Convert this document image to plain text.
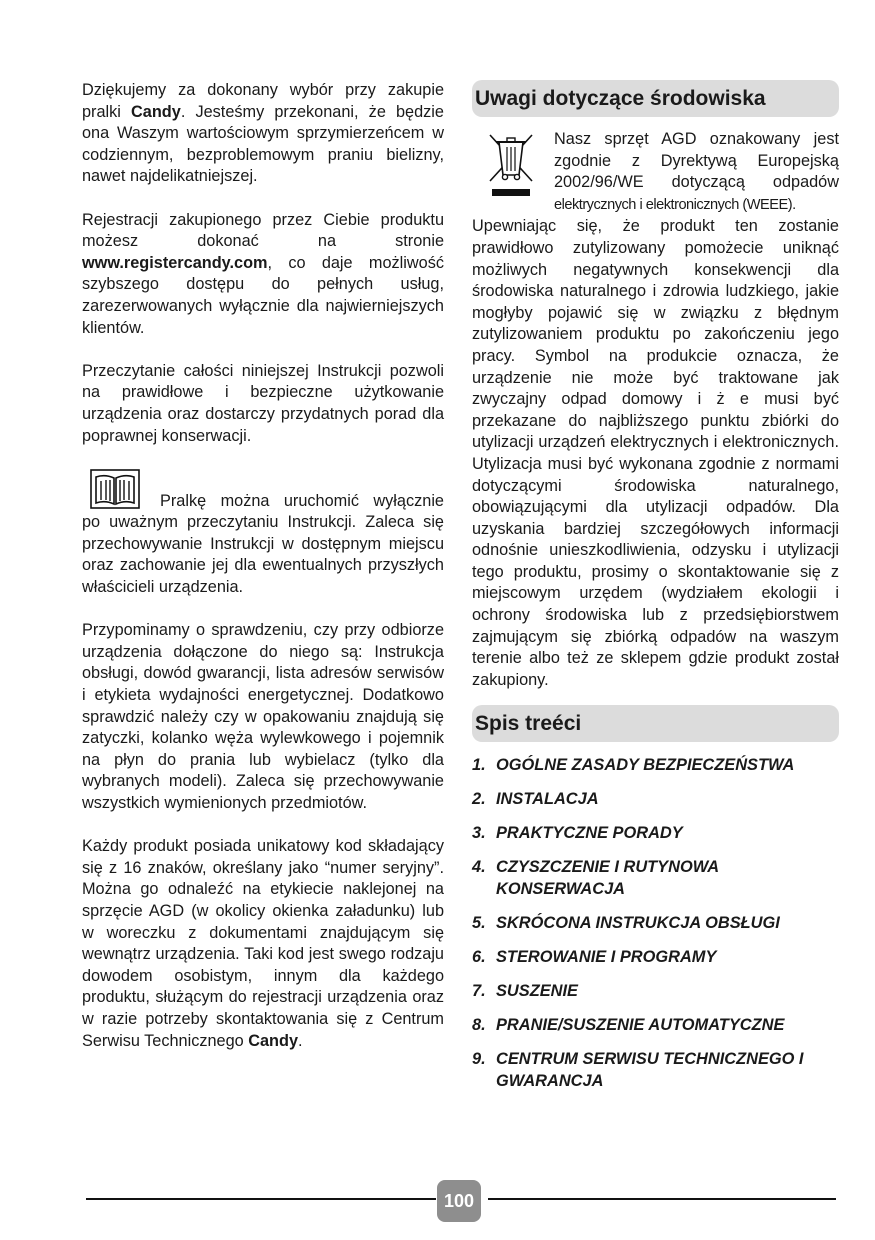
Dziękujemy za dokonany wybór przy zakupie pralki Candy. Jesteśmy przekonani, że będzie ona Waszym wartościowym sprzymierzeńcem w codziennym, bezproblemowym praniu bielizny, nawet najdelikatniejszej.

Rejestracji zakupionego przez Ciebie produktu możesz dokonać na stronie www.registercandy.com, co daje możliwość szybszego dostępu do pełnych usług, zarezerwowanych wyłącznie dla najwierniejszych klientów.

Przeczytanie całości niniejszej Instrukcji pozwoli na prawidłowe i bezpieczne użytkowanie urządzenia oraz dostarczy przydatnych porad dla poprawnej konserwacji.

Pralkę można uruchomić wyłącznie

po uważnym przeczytaniu Instrukcji. Zaleca się przechowywanie Instrukcji w dostępnym miejscu oraz zachowanie jej dla ewentualnych przyszłych właścicieli urządzenia.

Przypominamy o sprawdzeniu, czy przy odbiorze urządzenia dołączone do niego są: Instrukcja obsługi, dowód gwarancji, lista adresów serwisów i etykieta wydajności energetycznej. Dodatkowo sprawdzić należy czy w opakowaniu znajdują się zatyczki, kolanko węża wylewkowego i pojemnik na płyn do prania lub wybielacz (tylko dla wybranych modeli). Zaleca się przechowywanie wszystkich wymienionych przedmiotów.

Każdy produkt posiada unikatowy kod składający się z 16 znaków, określany jako “numer seryjny”. Można go odnaleźć na etykiecie naklejonej na sprzęcie AGD (w okolicy okienka załadunku) lub w woreczku z dokumentami znajdującym się wewnątrz urządzenia. Taki kod jest swego rodzaju dowodem osobistym, innym dla każdego produktu, służącym do rejestracji urządzenia oraz w razie potrzeby skontaktowania się z Centrum Serwisu Technicznego Candy.

Uwagi dotyczące środowiska

Nasz sprzęt AGD oznakowany jest zgodnie z Dyrektywą Europejską 2002/96/WE dotyczącą odpadów elektrycznych i elektronicznych (WEEE).

Upewniając się, że produkt ten zostanie prawidłowo zutylizowany pomożecie uniknąć możliwych negatywnych konsekwencji dla środowiska naturalnego i zdrowia ludzkiego, jakie mogłyby pojawić się w związku z błędnym zutylizowaniem produktu po zakończeniu jego pracy. Symbol na produkcie oznacza, że urządzenie nie może być traktowane jak zwyczajny odpad domowy i ż e musi być przekazane do najbliższego punktu zbiórki do utylizacji urządzeń elektrycznych i elektronicznych. Utylizacja musi być wykonana zgodnie z normami dotyczącymi środowiska naturalnego, obowiązującymi dla utylizacji odpadów. Dla uzyskania bardziej szczegółowych informacji odnośnie unieszkodliwienia, odzysku i utylizacji tego produktu, prosimy o skontaktowanie się z miejscowym urzędem (wydziałem ekologii i ochrony środowiska lub z przedsiębiorstwem zajmującym się zbiórką odpadów na waszym terenie albo też ze sklepem gdzie produkt został zakupiony.

Spis treéci
1. OGÓLNE ZASADY BEZPIECZEŃSTWA
2. INSTALACJA
3. PRAKTYCZNE PORADY
4. CZYSZCZENIE I RUTYNOWA KONSERWACJA
5. SKRÓCONA INSTRUKCJA OBSŁUGI
6. STEROWANIE I PROGRAMY
7. SUSZENIE
8. PRANIE/SUSZENIE AUTOMATYCZNE
9. CENTRUM SERWISU TECHNICZNEGO I GWARANCJA
100
